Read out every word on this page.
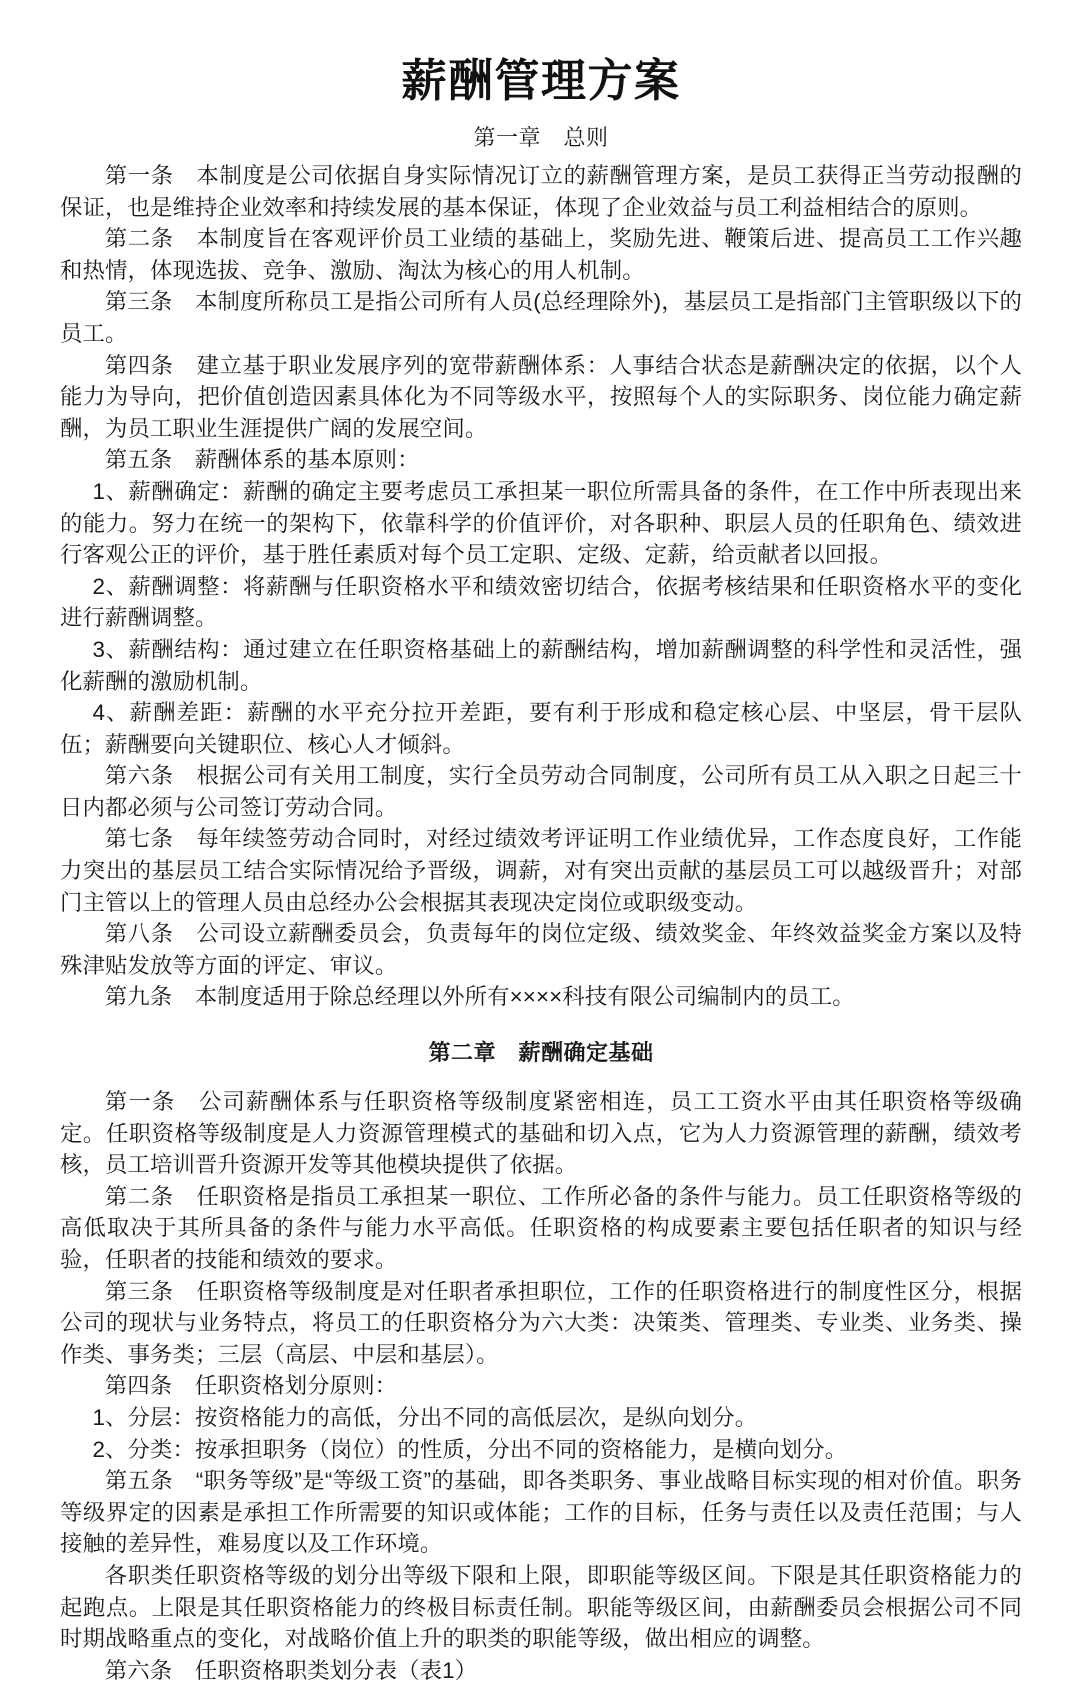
薪酬管理方案
第一章　总则

第一条　本制度是公司依据自身实际情况订立的薪酬管理方案，是员工获得正当劳动报酬的保证，也是维持企业效率和持续发展的基本保证，体现了企业效益与员工利益相结合的原则。

第二条　本制度旨在客观评价员工业绩的基础上，奖励先进、鞭策后进、提高员工工作兴趣和热情，体现选拔、竞争、激励、淘汰为核心的用人机制。

第三条　本制度所称员工是指公司所有人员(总经理除外)，基层员工是指部门主管职级以下的员工。

第四条　建立基于职业发展序列的宽带薪酬体系：人事结合状态是薪酬决定的依据，以个人能力为导向，把价值创造因素具体化为不同等级水平，按照每个人的实际职务、岗位能力确定薪酬，为员工职业生涯提供广阔的发展空间。

第五条　薪酬体系的基本原则：

1、薪酬确定：薪酬的确定主要考虑员工承担某一职位所需具备的条件，在工作中所表现出来的能力。努力在统一的架构下，依靠科学的价值评价，对各职种、职层人员的任职角色、绩效进行客观公正的评价，基于胜任素质对每个员工定职、定级、定薪，给贡献者以回报。

2、薪酬调整：将薪酬与任职资格水平和绩效密切结合，依据考核结果和任职资格水平的变化进行薪酬调整。

3、薪酬结构：通过建立在任职资格基础上的薪酬结构，增加薪酬调整的科学性和灵活性，强化薪酬的激励机制。

4、薪酬差距：薪酬的水平充分拉开差距，要有利于形成和稳定核心层、中坚层，骨干层队伍；薪酬要向关键职位、核心人才倾斜。

第六条　根据公司有关用工制度，实行全员劳动合同制度，公司所有员工从入职之日起三十日内都必须与公司签订劳动合同。

第七条　每年续签劳动合同时，对经过绩效考评证明工作业绩优异，工作态度良好，工作能力突出的基层员工结合实际情况给予晋级，调薪，对有突出贡献的基层员工可以越级晋升；对部门主管以上的管理人员由总经办公会根据其表现决定岗位或职级变动。

第八条　公司设立薪酬委员会，负责每年的岗位定级、绩效奖金、年终效益奖金方案以及特殊津贴发放等方面的评定、审议。

第九条　本制度适用于除总经理以外所有××××科技有限公司编制内的员工。

第二章　薪酬确定基础

第一条　公司薪酬体系与任职资格等级制度紧密相连，员工工资水平由其任职资格等级确定。任职资格等级制度是人力资源管理模式的基础和切入点，它为人力资源管理的薪酬，绩效考核，员工培训晋升资源开发等其他模块提供了依据。

第二条　任职资格是指员工承担某一职位、工作所必备的条件与能力。员工任职资格等级的高低取决于其所具备的条件与能力水平高低。任职资格的构成要素主要包括任职者的知识与经验，任职者的技能和绩效的要求。

第三条　任职资格等级制度是对任职者承担职位，工作的任职资格进行的制度性区分，根据公司的现状与业务特点，将员工的任职资格分为六大类：决策类、管理类、专业类、业务类、操作类、事务类；三层（高层、中层和基层）。

第四条　任职资格划分原则：

1、分层：按资格能力的高低，分出不同的高低层次，是纵向划分。

2、分类：按承担职务（岗位）的性质，分出不同的资格能力，是横向划分。

第五条　“职务等级”是“等级工资”的基础，即各类职务、事业战略目标实现的相对价值。职务等级界定的因素是承担工作所需要的知识或体能；工作的目标，任务与责任以及责任范围；与人接触的差异性，难易度以及工作环境。

各职类任职资格等级的划分出等级下限和上限，即职能等级区间。下限是其任职资格能力的起跑点。上限是其任职资格能力的终极目标责任制。职能等级区间，由薪酬委员会根据公司不同时期战略重点的变化，对战略价值上升的职类的职能等级，做出相应的调整。

第六条　任职资格职类划分表（表1）
